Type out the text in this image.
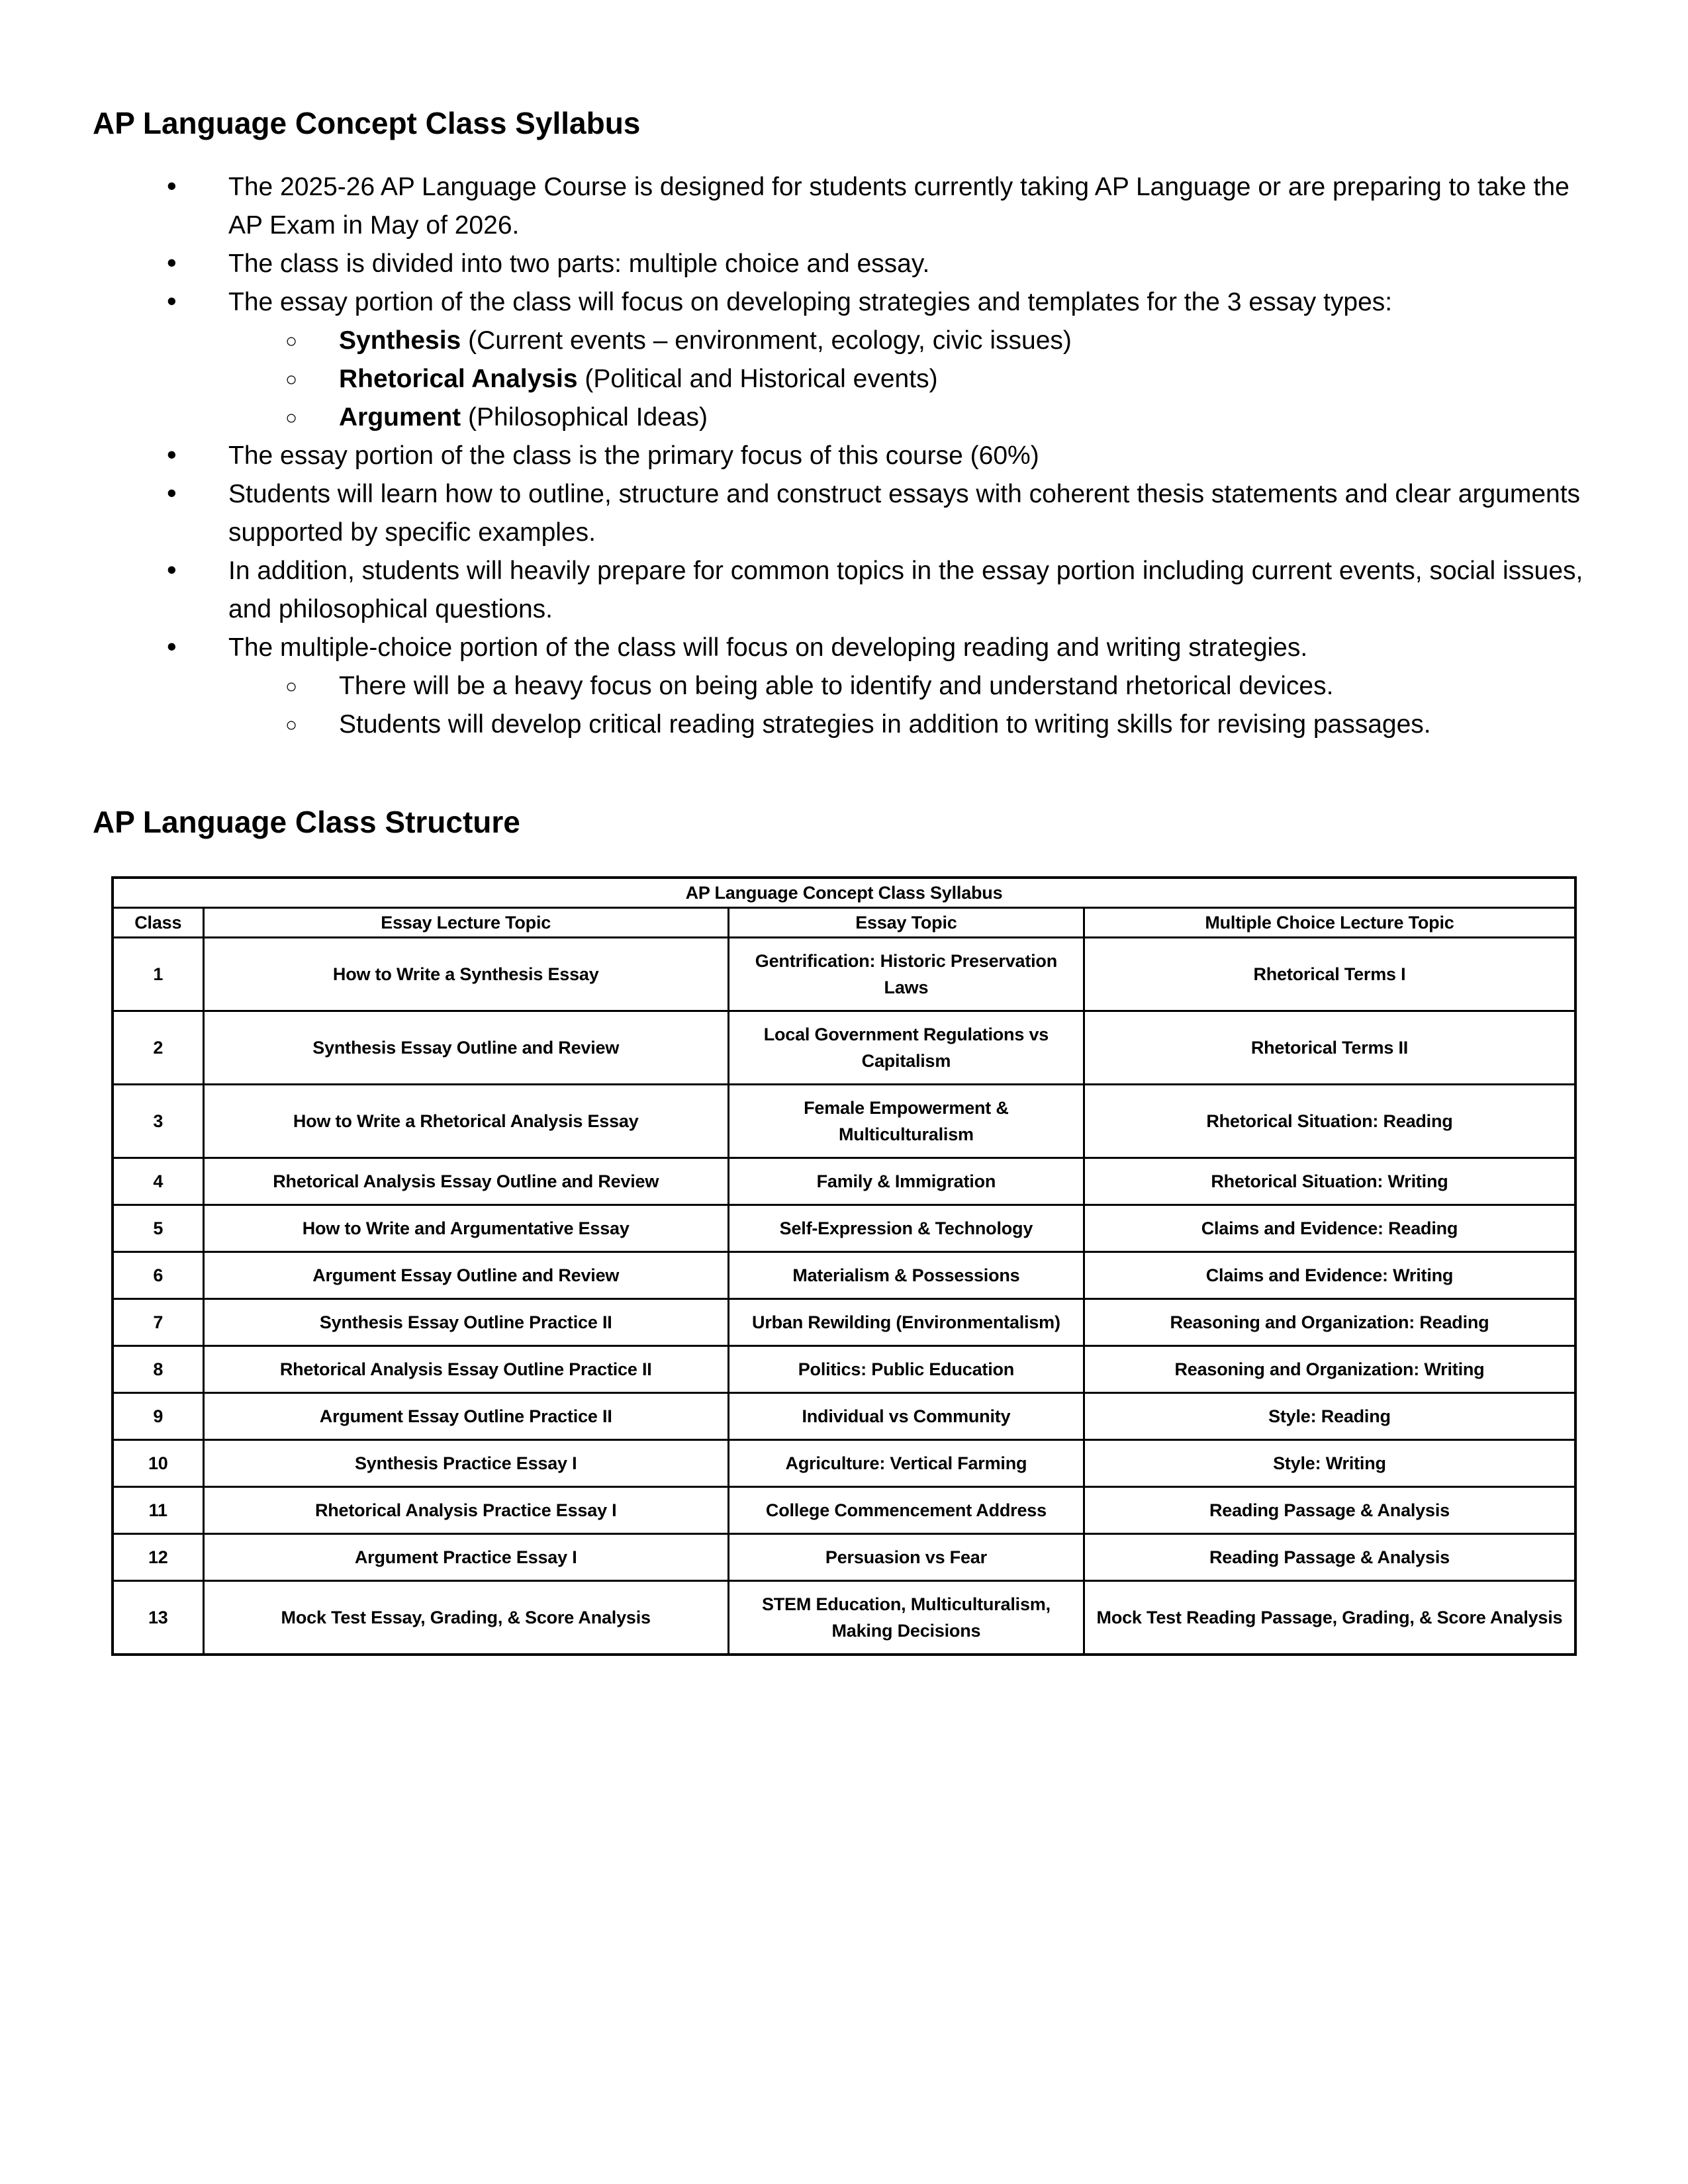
AP Language Concept Class Syllabus
• The 2025-26 AP Language Course is designed for students currently taking AP Language or are preparing to take the AP Exam in May of 2026.
• The class is divided into two parts: multiple choice and essay.
• The essay portion of the class will focus on developing strategies and templates for the 3 essay types:
○ Synthesis (Current events – environment, ecology, civic issues)
○ Rhetorical Analysis (Political and Historical events)
○ Argument (Philosophical Ideas)
• The essay portion of the class is the primary focus of this course (60%)
• Students will learn how to outline, structure and construct essays with coherent thesis statements and clear arguments supported by specific examples.
• In addition, students will heavily prepare for common topics in the essay portion including current events, social issues, and philosophical questions.
• The multiple-choice portion of the class will focus on developing reading and writing strategies.
○ There will be a heavy focus on being able to identify and understand rhetorical devices.
○ Students will develop critical reading strategies in addition to writing skills for revising passages.
AP Language Class Structure
AP Language Concept Class Syllabus			
Class	Essay Lecture Topic	Essay Topic	Multiple Choice Lecture Topic
1	How to Write a Synthesis Essay	Gentrification: Historic Preservation Laws	Rhetorical Terms I
2	Synthesis Essay Outline and Review	Local Government Regulations vs Capitalism	Rhetorical Terms II
3	How to Write a Rhetorical Analysis Essay	Female Empowerment & Multiculturalism	Rhetorical Situation: Reading
4	Rhetorical Analysis Essay Outline and Review	Family & Immigration	Rhetorical Situation: Writing
5	How to Write and Argumentative Essay	Self-Expression & Technology	Claims and Evidence: Reading
6	Argument Essay Outline and Review	Materialism & Possessions	Claims and Evidence: Writing
7	Synthesis Essay Outline Practice II	Urban Rewilding (Environmentalism)	Reasoning and Organization: Reading
8	Rhetorical Analysis Essay Outline Practice II	Politics: Public Education	Reasoning and Organization: Writing
9	Argument Essay Outline Practice II	Individual vs Community	Style: Reading
10	Synthesis Practice Essay I	Agriculture: Vertical Farming	Style: Writing
11	Rhetorical Analysis Practice Essay I	College Commencement Address	Reading Passage & Analysis
12	Argument Practice Essay I	Persuasion vs Fear	Reading Passage & Analysis
13	Mock Test Essay, Grading, & Score Analysis	STEM Education, Multiculturalism, Making Decisions	Mock Test Reading Passage, Grading, & Score Analysis
